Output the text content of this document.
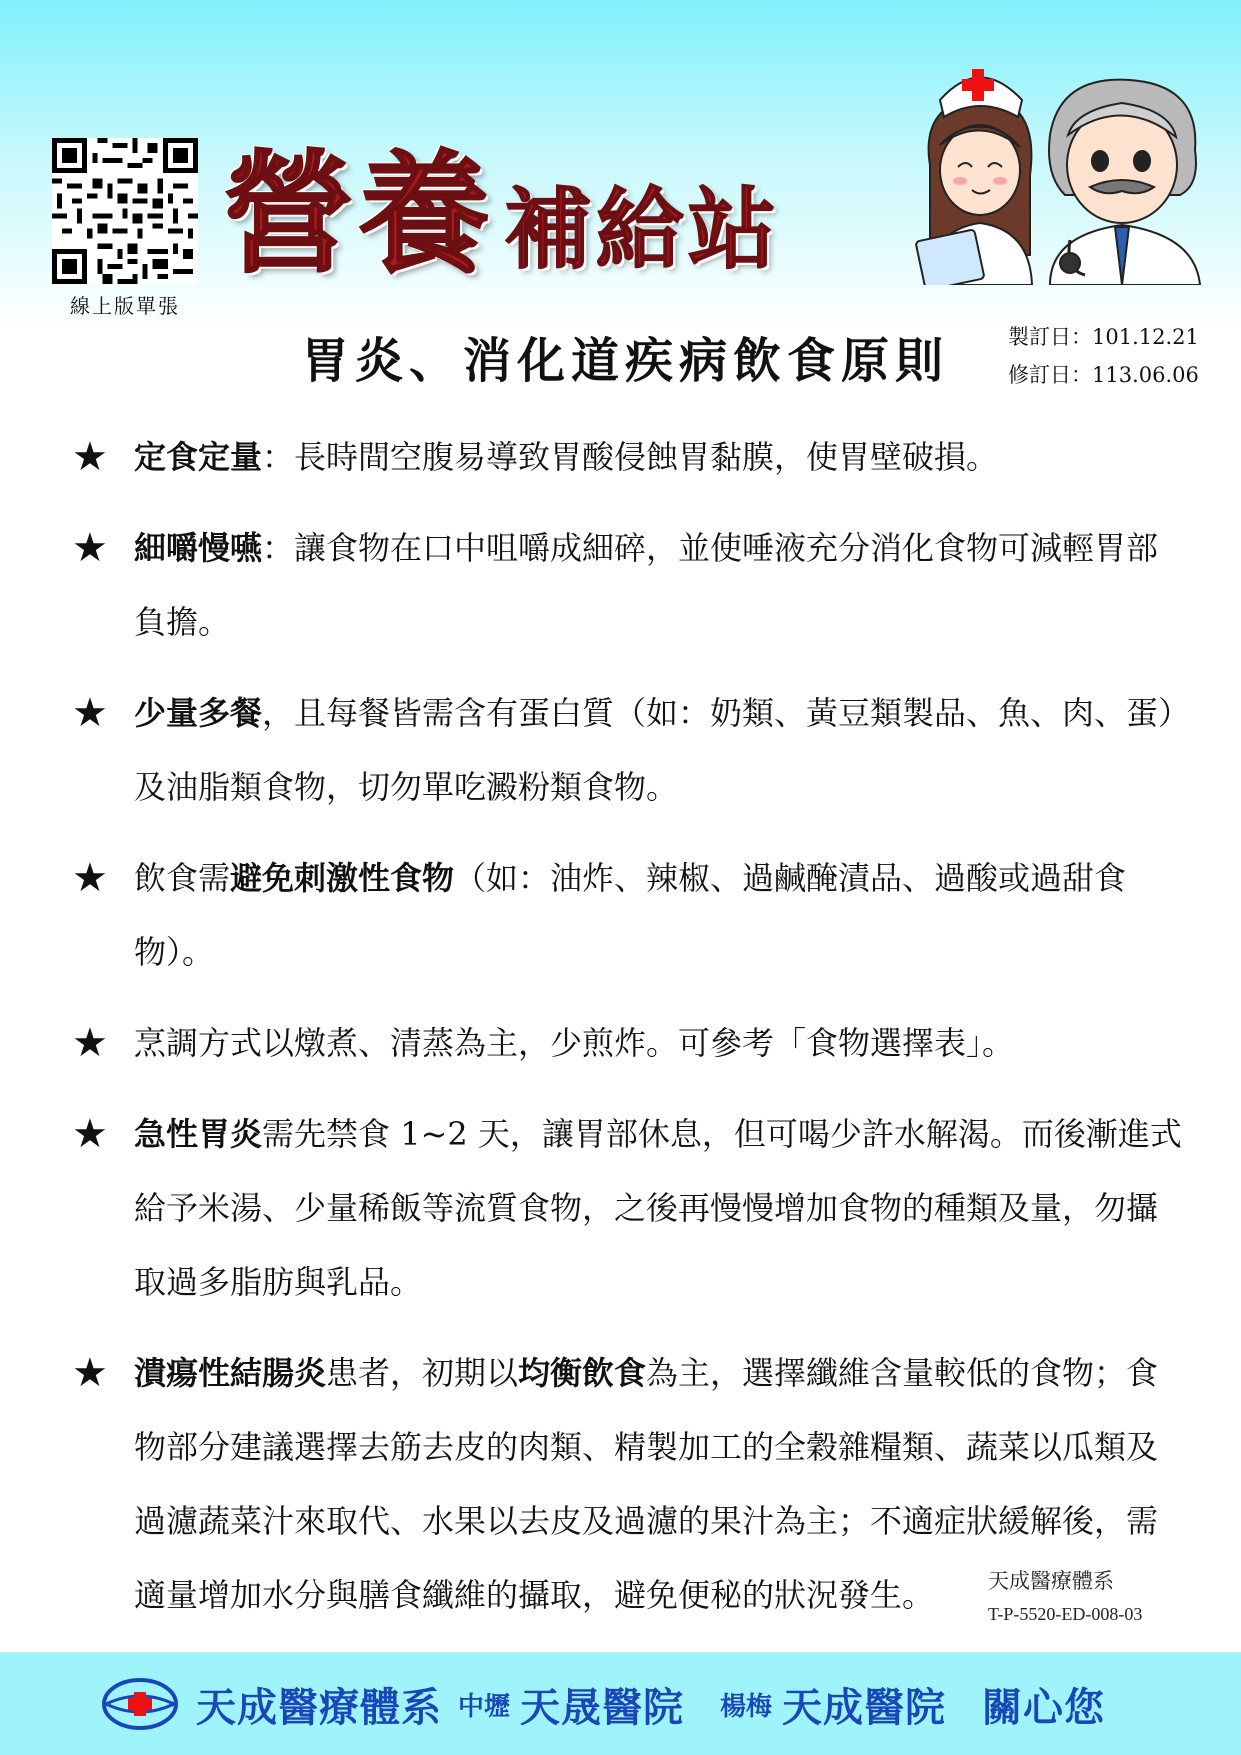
線上版單張
營養 補給站
胃炎、消化道疾病飲食原則	製訂日：101.12.21
修訂日：113.06.06
★ 定食定量：長時間空腹易導致胃酸侵蝕胃黏膜，使胃壁破損。
★ 細嚼慢嚥：讓食物在口中咀嚼成細碎，並使唾液充分消化食物可減輕胃部負擔。
★ 少量多餐，且每餐皆需含有蛋白質（如：奶類、黃豆類製品、魚、肉、蛋）及油脂類食物，切勿單吃澱粉類食物。
★ 飲食需避免刺激性食物（如：油炸、辣椒、過鹹醃漬品、過酸或過甜食物）。
★ 烹調方式以燉煮、清蒸為主，少煎炸。可參考「食物選擇表」。
★ 急性胃炎需先禁食 1~2 天，讓胃部休息，但可喝少許水解渴。而後漸進式給予米湯、少量稀飯等流質食物，之後再慢慢增加食物的種類及量，勿攝取過多脂肪與乳品。
★ 潰瘍性結腸炎患者，初期以均衡飲食為主，選擇纖維含量較低的食物；食物部分建議選擇去筋去皮的肉類、精製加工的全穀雜糧類、蔬菜以瓜類及過濾蔬菜汁來取代、水果以去皮及過濾的果汁為主；不適症狀緩解後，需適量增加水分與膳食纖維的攝取，避免便秘的狀況發生。	天成醫療體系
T-P-5520-ED-008-03
天成醫療體系 中壢 天晟醫院 楊梅 天成醫院 關心您
